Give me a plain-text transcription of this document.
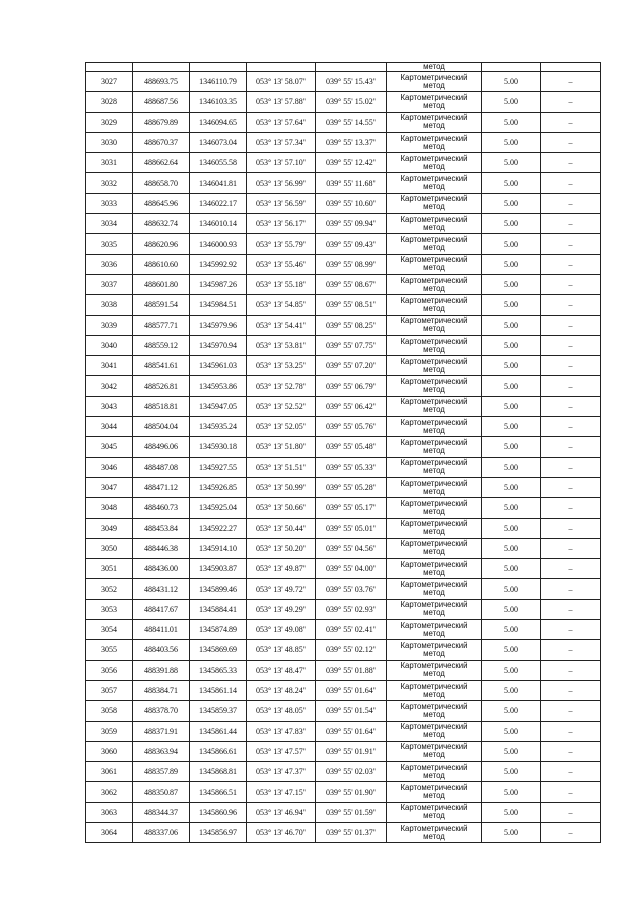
					метод		
3027	488693.75	1346110.79	053° 13' 58.07"	039° 55' 15.43"	Картометрический
метод	5.00	–
3028	488687.56	1346103.35	053° 13' 57.88"	039° 55' 15.02"	Картометрический
метод	5.00	–
3029	488679.89	1346094.65	053° 13' 57.64"	039° 55' 14.55"	Картометрический
метод	5.00	–
3030	488670.37	1346073.04	053° 13' 57.34"	039° 55' 13.37"	Картометрический
метод	5.00	–
3031	488662.64	1346055.58	053° 13' 57.10"	039° 55' 12.42"	Картометрический
метод	5.00	–
3032	488658.70	1346041.81	053° 13' 56.99"	039° 55' 11.68"	Картометрический
метод	5.00	–
3033	488645.96	1346022.17	053° 13' 56.59"	039° 55' 10.60"	Картометрический
метод	5.00	–
3034	488632.74	1346010.14	053° 13' 56.17"	039° 55' 09.94"	Картометрический
метод	5.00	–
3035	488620.96	1346000.93	053° 13' 55.79"	039° 55' 09.43"	Картометрический
метод	5.00	–
3036	488610.60	1345992.92	053° 13' 55.46"	039° 55' 08.99"	Картометрический
метод	5.00	–
3037	488601.80	1345987.26	053° 13' 55.18"	039° 55' 08.67"	Картометрический
метод	5.00	–
3038	488591.54	1345984.51	053° 13' 54.85"	039° 55' 08.51"	Картометрический
метод	5.00	–
3039	488577.71	1345979.96	053° 13' 54.41"	039° 55' 08.25"	Картометрический
метод	5.00	–
3040	488559.12	1345970.94	053° 13' 53.81"	039° 55' 07.75"	Картометрический
метод	5.00	–
3041	488541.61	1345961.03	053° 13' 53.25"	039° 55' 07.20"	Картометрический
метод	5.00	–
3042	488526.81	1345953.86	053° 13' 52.78"	039° 55' 06.79"	Картометрический
метод	5.00	–
3043	488518.81	1345947.05	053° 13' 52.52"	039° 55' 06.42"	Картометрический
метод	5.00	–
3044	488504.04	1345935.24	053° 13' 52.05"	039° 55' 05.76"	Картометрический
метод	5.00	–
3045	488496.06	1345930.18	053° 13' 51.80"	039° 55' 05.48"	Картометрический
метод	5.00	–
3046	488487.08	1345927.55	053° 13' 51.51"	039° 55' 05.33"	Картометрический
метод	5.00	–
3047	488471.12	1345926.85	053° 13' 50.99"	039° 55' 05.28"	Картометрический
метод	5.00	–
3048	488460.73	1345925.04	053° 13' 50.66"	039° 55' 05.17"	Картометрический
метод	5.00	–
3049	488453.84	1345922.27	053° 13' 50.44"	039° 55' 05.01"	Картометрический
метод	5.00	–
3050	488446.38	1345914.10	053° 13' 50.20"	039° 55' 04.56"	Картометрический
метод	5.00	–
3051	488436.00	1345903.87	053° 13' 49.87"	039° 55' 04.00"	Картометрический
метод	5.00	–
3052	488431.12	1345899.46	053° 13' 49.72"	039° 55' 03.76"	Картометрический
метод	5.00	–
3053	488417.67	1345884.41	053° 13' 49.29"	039° 55' 02.93"	Картометрический
метод	5.00	–
3054	488411.01	1345874.89	053° 13' 49.08"	039° 55' 02.41"	Картометрический
метод	5.00	–
3055	488403.56	1345869.69	053° 13' 48.85"	039° 55' 02.12"	Картометрический
метод	5.00	–
3056	488391.88	1345865.33	053° 13' 48.47"	039° 55' 01.88"	Картометрический
метод	5.00	–
3057	488384.71	1345861.14	053° 13' 48.24"	039° 55' 01.64"	Картометрический
метод	5.00	–
3058	488378.70	1345859.37	053° 13' 48.05"	039° 55' 01.54"	Картометрический
метод	5.00	–
3059	488371.91	1345861.44	053° 13' 47.83"	039° 55' 01.64"	Картометрический
метод	5.00	–
3060	488363.94	1345866.61	053° 13' 47.57"	039° 55' 01.91"	Картометрический
метод	5.00	–
3061	488357.89	1345868.81	053° 13' 47.37"	039° 55' 02.03"	Картометрический
метод	5.00	–
3062	488350.87	1345866.51	053° 13' 47.15"	039° 55' 01.90"	Картометрический
метод	5.00	–
3063	488344.37	1345860.96	053° 13' 46.94"	039° 55' 01.59"	Картометрический
метод	5.00	–
3064	488337.06	1345856.97	053° 13' 46.70"	039° 55' 01.37"	Картометрический
метод	5.00	–
